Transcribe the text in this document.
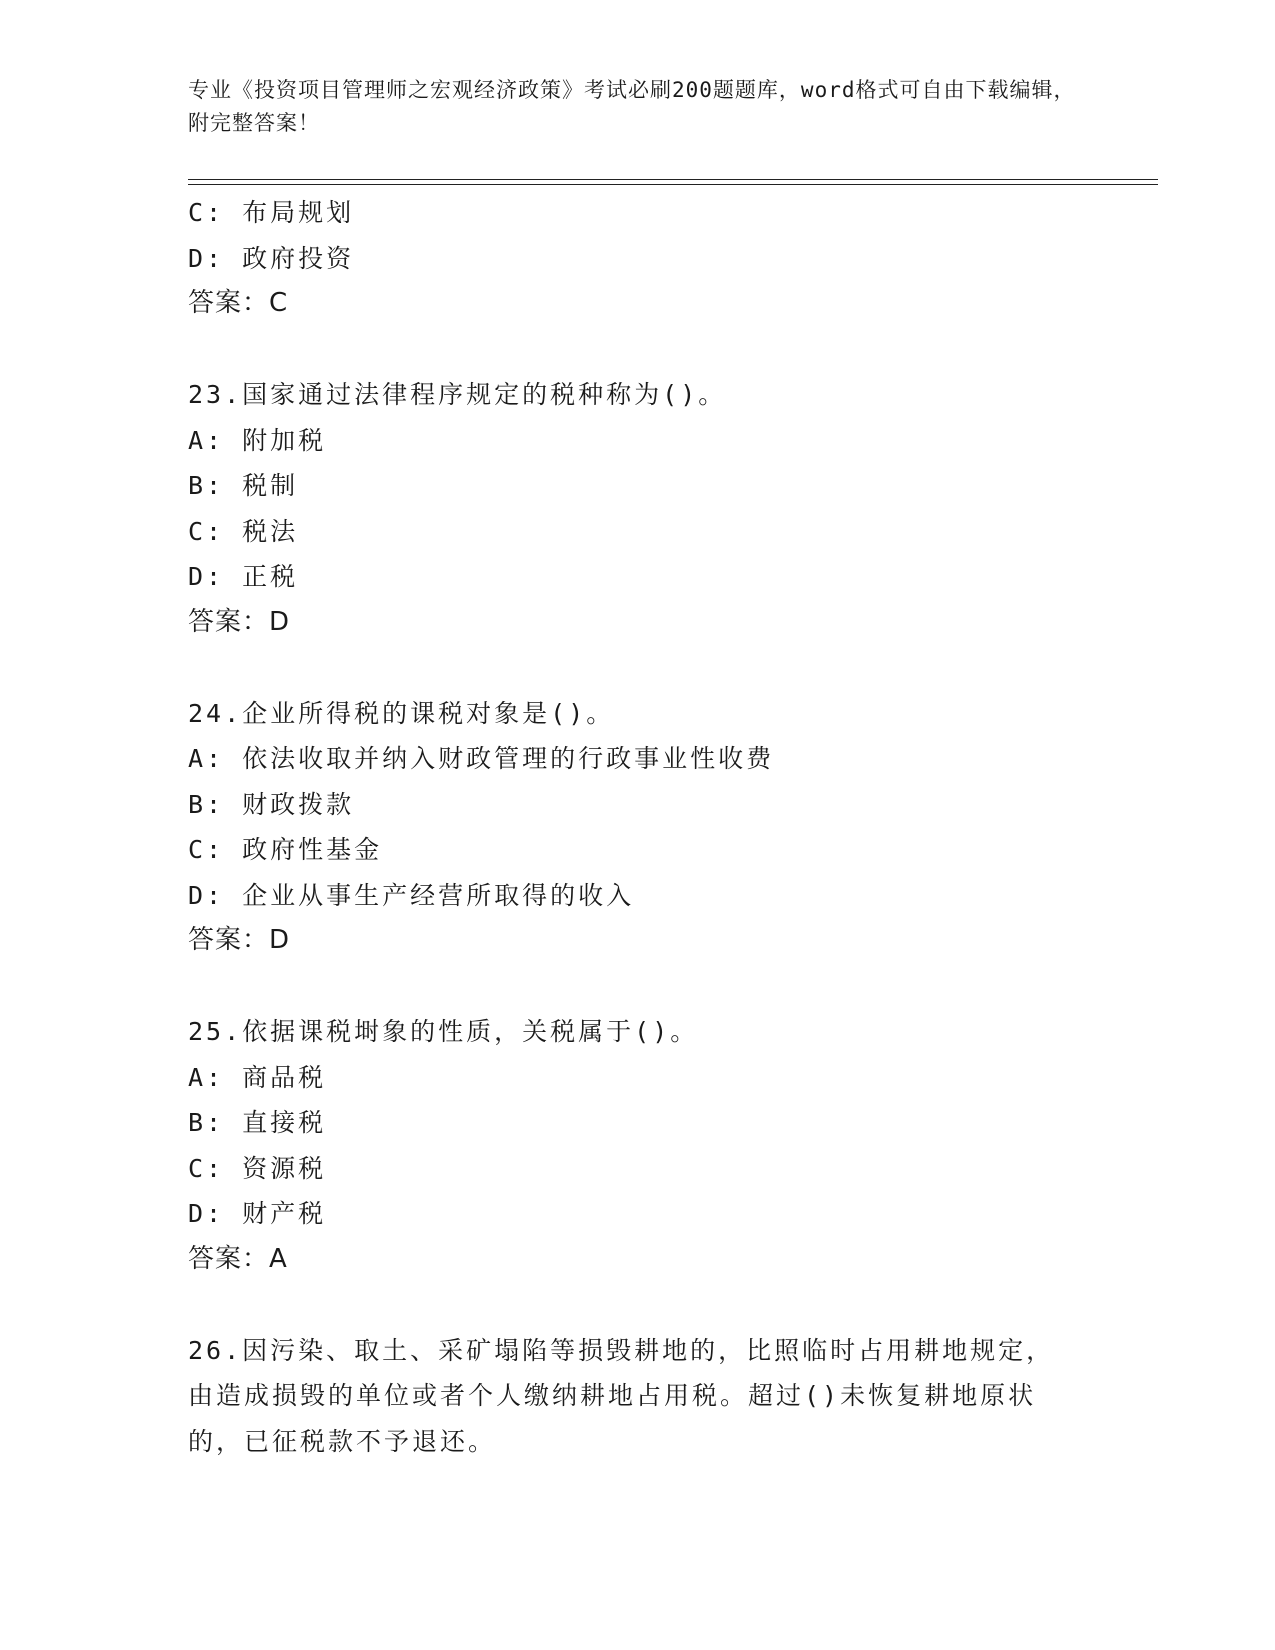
专业《投资项目管理师之宏观经济政策》考试必刷200题题库，word格式可自由下载编辑，附完整答案！
C: 布局规划
D: 政府投资
答案：C
23.国家通过法律程序规定的税种称为()。
A: 附加税
B: 税制
C: 税法
D: 正税
答案：D
24.企业所得税的课税对象是()。
A: 依法收取并纳入财政管理的行政事业性收费
B: 财政拨款
C: 政府性基金
D: 企业从事生产经营所取得的收入
答案：D
25.依据课税埘象的性质，关税属于()。
A: 商品税
B: 直接税
C: 资源税
D: 财产税
答案：A
26.因污染、取土、采矿塌陷等损毁耕地的，比照临时占用耕地规定，由造成损毁的单位或者个人缴纳耕地占用税。超过()未恢复耕地原状的，已征税款不予退还。
